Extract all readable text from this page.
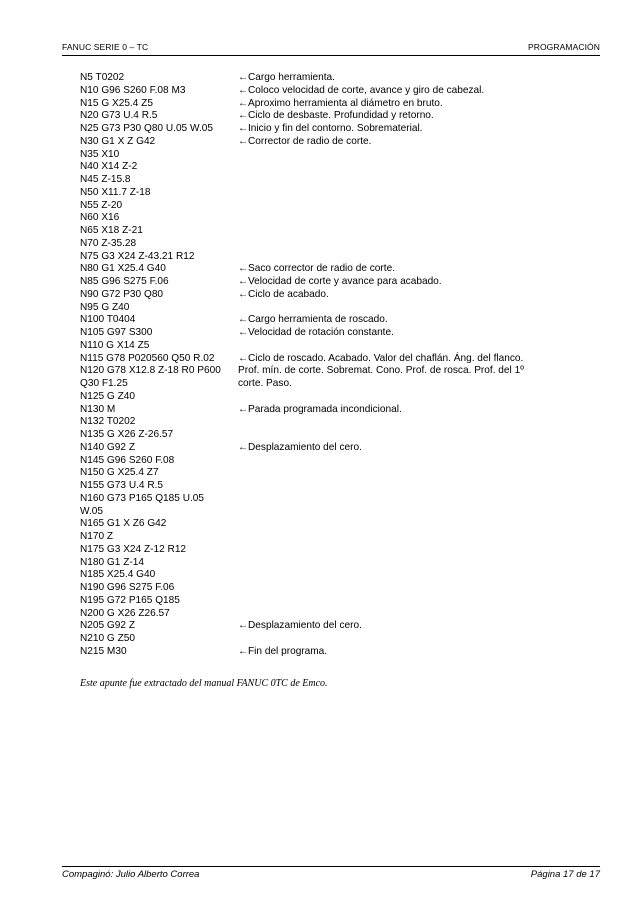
FANUC SERIE 0 – TC	PROGRAMACIÓN
N5 T0202	←Cargo herramienta.
N10 G96 S260 F.08 M3	←Coloco velocidad de corte, avance y giro de cabezal.
N15 G X25.4 Z5	←Aproximo herramienta al diámetro en bruto.
N20 G73 U.4 R.5	←Ciclo de desbaste. Profundidad y retorno.
N25 G73 P30 Q80 U.05 W.05 ←Inicio y fin del contorno. Sobrematerial.
N30 G1 X Z G42	←Corrector de radio de corte.
N35 X10
N40 X14 Z-2
N45 Z-15.8
N50 X11.7 Z-18
N55 Z-20
N60 X16
N65 X18 Z-21
N70 Z-35.28
N75 G3 X24 Z-43.21 R12
N80 G1 X25.4 G40	←Saco corrector de radio de corte.
N85 G96 S275 F.06	←Velocidad de corte y avance para acabado.
N90 G72 P30 Q80	←Ciclo de acabado.
N95 G Z40
N100 T0404	←Cargo herramienta de roscado.
N105 G97 S300	←Velocidad de rotación constante.
N110 G X14 Z5
N115 G78 P020560 Q50 R.02 ←Ciclo de roscado. Acabado. Valor del chaflán. Áng. del flanco.
N120 G78 X12.8 Z-18 R0 P600 Prof. mín. de corte. Sobremat. Cono. Prof. de rosca. Prof. del 1º
Q30 F1.25	corte. Paso.
N125 G Z40
N130 M	←Parada programada incondicional.
N132 T0202
N135 G X26 Z-26.57
N140 G92 Z	←Desplazamiento del cero.
N145 G96 S260 F.08
N150 G X25.4 Z7
N155 G73 U.4 R.5
N160 G73 P165 Q185 U.05
W.05
N165 G1 X Z6 G42
N170 Z
N175 G3 X24 Z-12 R12
N180 G1 Z-14
N185 X25.4 G40
N190 G96 S275 F.06
N195 G72 P165 Q185
N200 G X26 Z26.57
N205 G92 Z	←Desplazamiento del cero.
N210 G Z50
N215 M30	←Fin del programa.
Este apunte fue extractado del manual FANUC 0TC de Emco.
Compaginó: Julio Alberto Correa	Página 17 de 17
